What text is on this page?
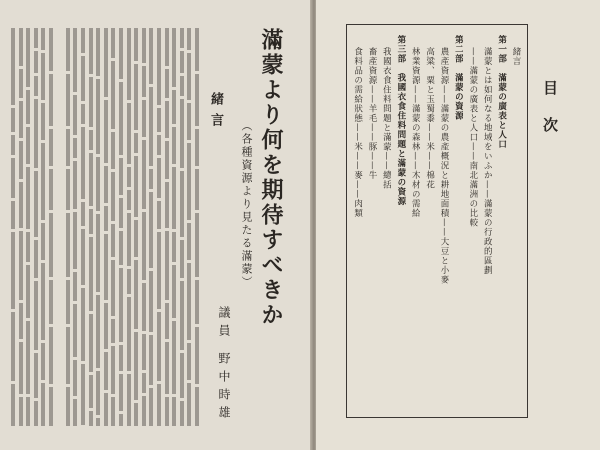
滿蒙より何を期待すべきか
（各種資源より見たる滿蒙）
議員 野中時雄
緒言
緒言
第一部　滿蒙の廣表と人口
滿蒙とは如何なる地域をいふか——滿蒙の行政的區劃
——滿蒙の廣表と人口——南北滿洲の比較
第二部　滿蒙の資源
農產資源——滿蒙の農產概況と耕地面積——大豆と小麥
高粱、粟と玉蜀黍——米——棉花
林業資源——滿蒙の森林——木材の需給
第三部　我國衣食住料問題と滿蒙の資源
我國衣食住料問題と滿蒙——總括
畜產資源——羊毛——豚——牛
食料品の需給狀態——米——麥——肉類	目次
